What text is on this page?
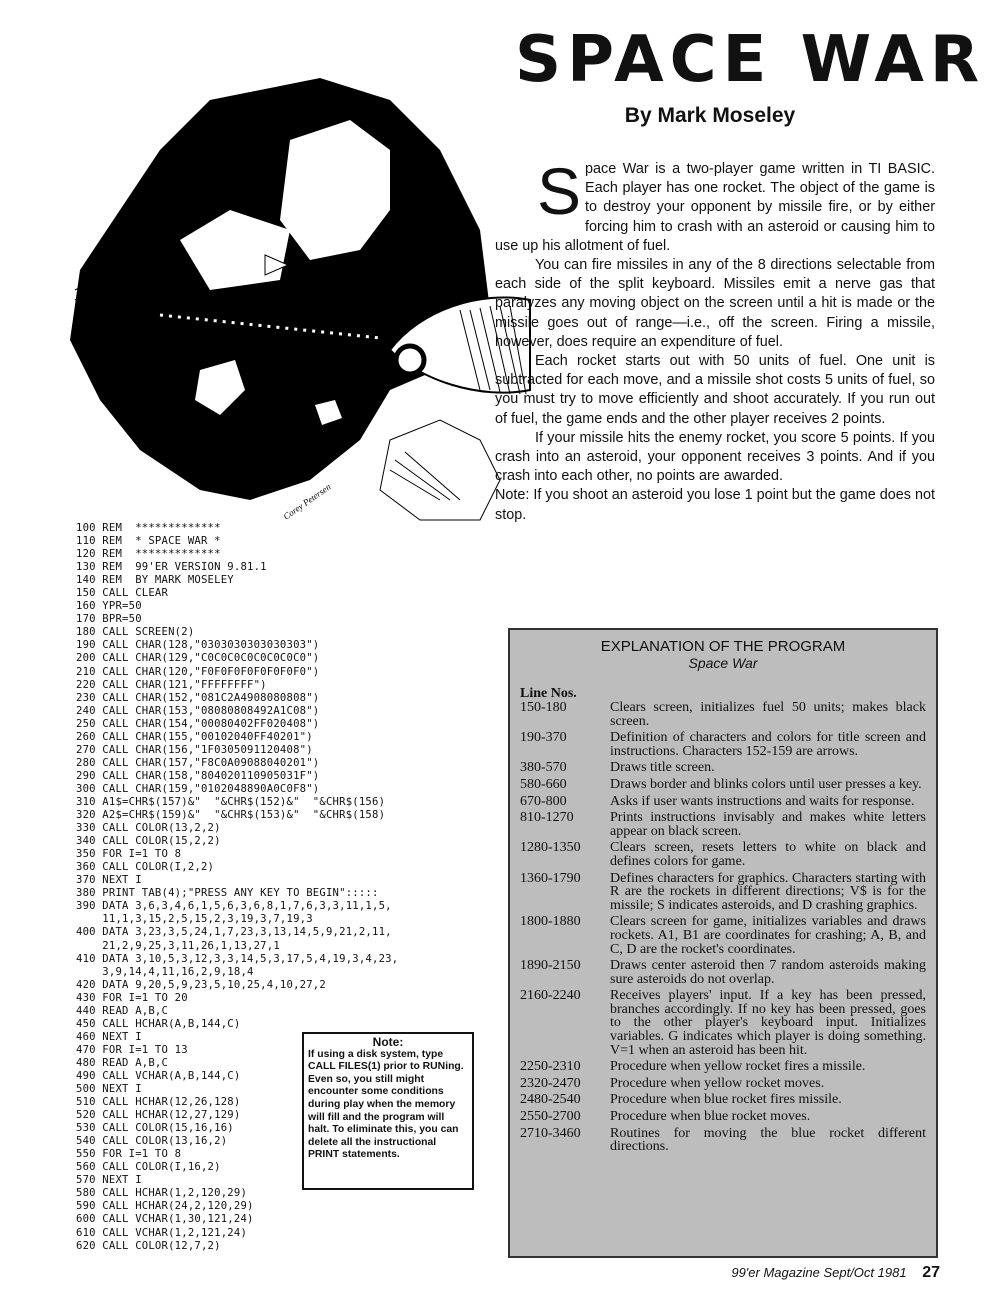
SPACE WAR
By Mark Moseley
Corey Petersen

Space War is a two-player game written in TI BASIC. Each player has one rocket. The object of the game is to destroy your opponent by missile fire, or by either forcing him to crash with an asteroid or causing him to use up his allotment of fuel.

You can fire missiles in any of the 8 directions selectable from each side of the split keyboard. Missiles emit a nerve gas that paralyzes any moving object on the screen until a hit is made or the missile goes out of range—i.e., off the screen. Firing a missile, however, does require an expenditure of fuel.

Each rocket starts out with 50 units of fuel. One unit is subtracted for each move, and a missile shot costs 5 units of fuel, so you must try to move efficiently and shoot accurately. If you run out of fuel, the game ends and the other player receives 2 points.

If your missile hits the enemy rocket, you score 5 points. If you crash into an asteroid, your opponent receives 3 points. And if you crash into each other, no points are awarded.

Note: If you shoot an asteroid you lose 1 point but the game does not stop.

100 REM  *************
110 REM  * SPACE WAR *
120 REM  *************
130 REM  99'ER VERSION 9.81.1
140 REM  BY MARK MOSELEY
150 CALL CLEAR
160 YPR=50
170 BPR=50
180 CALL SCREEN(2)
190 CALL CHAR(128,"0303030303030303")
200 CALL CHAR(129,"C0C0C0C0C0C0C0C0")
210 CALL CHAR(120,"F0F0F0F0F0F0F0F0")
220 CALL CHAR(121,"FFFFFFFF")
230 CALL CHAR(152,"081C2A4908080808")
240 CALL CHAR(153,"08080808492A1C08")
250 CALL CHAR(154,"00080402FF020408")
260 CALL CHAR(155,"00102040FF40201")
270 CALL CHAR(156,"1F0305091120408")
280 CALL CHAR(157,"F8C0A09088040201")
290 CALL CHAR(158,"804020110905031F")
300 CALL CHAR(159,"0102048890A0C0F8")
310 A1$=CHR$(157)&"  "&CHR$(152)&"  "&CHR$(156)
320 A2$=CHR$(159)&"  "&CHR$(153)&"  "&CHR$(158)
330 CALL COLOR(13,2,2)
340 CALL COLOR(15,2,2)
350 FOR I=1 TO 8
360 CALL COLOR(I,2,2)
370 NEXT I
380 PRINT TAB(4);"PRESS ANY KEY TO BEGIN":::::
390 DATA 3,6,3,4,6,1,5,6,3,6,8,1,7,6,3,3,11,1,5,
11,1,3,15,2,5,15,2,3,19,3,7,19,3
400 DATA 3,23,3,5,24,1,7,23,3,13,14,5,9,21,2,11,
21,2,9,25,3,11,26,1,13,27,1
410 DATA 3,10,5,3,12,3,3,14,5,3,17,5,4,19,3,4,23,
3,9,14,4,11,16,2,9,18,4
420 DATA 9,20,5,9,23,5,10,25,4,10,27,2
430 FOR I=1 TO 20
440 READ A,B,C
450 CALL HCHAR(A,B,144,C)
460 NEXT I
470 FOR I=1 TO 13
480 READ A,B,C
490 CALL VCHAR(A,B,144,C)
500 NEXT I
510 CALL HCHAR(12,26,128)
520 CALL HCHAR(12,27,129)
530 CALL COLOR(15,16,16)
540 CALL COLOR(13,16,2)
550 FOR I=1 TO 8
560 CALL COLOR(I,16,2)
570 NEXT I
580 CALL HCHAR(1,2,120,29)
590 CALL HCHAR(24,2,120,29)
600 CALL VCHAR(1,30,121,24)
610 CALL VCHAR(1,2,121,24)
620 CALL COLOR(12,7,2)
Note:
If using a disk system, type CALL FILES(1) prior to RUNing. Even so, you still might encounter some conditions during play when the memory will fill and the program will halt. To eliminate this, you can delete all the instructional PRINT statements.
EXPLANATION OF THE PROGRAM
Space War
Line Nos.
150-180	Clears screen, initializes fuel 50 units; makes black screen.
190-370	Definition of characters and colors for title screen and instructions. Characters 152-159 are arrows.
380-570	Draws title screen.
580-660	Draws border and blinks colors until user presses a key.
670-800	Asks if user wants instructions and waits for response.
810-1270	Prints instructions invisably and makes white letters appear on black screen.
1280-1350	Clears screen, resets letters to white on black and defines colors for game.
1360-1790	Defines characters for graphics. Characters starting with R are the rockets in different directions; V$ is for the missile; S indicates asteroids, and D crashing graphics.
1800-1880	Clears screen for game, initializes variables and draws rockets. A1, B1 are coordinates for crashing; A, B, and C, D are the rocket's coordinates.
1890-2150	Draws center asteroid then 7 random asteroids making sure asteroids do not overlap.
2160-2240	Receives players' input. If a key has been pressed, branches accordingly. If no key has been pressed, goes to the other player's keyboard input. Initializes variables. G indicates which player is doing something. V=1 when an asteroid has been hit.
2250-2310	Procedure when yellow rocket fires a missile.
2320-2470	Procedure when yellow rocket moves.
2480-2540	Procedure when blue rocket fires missile.
2550-2700	Procedure when blue rocket moves.
2710-3460	Routines for moving the blue rocket different directions.
99'er Magazine Sept/Oct 1981 27
